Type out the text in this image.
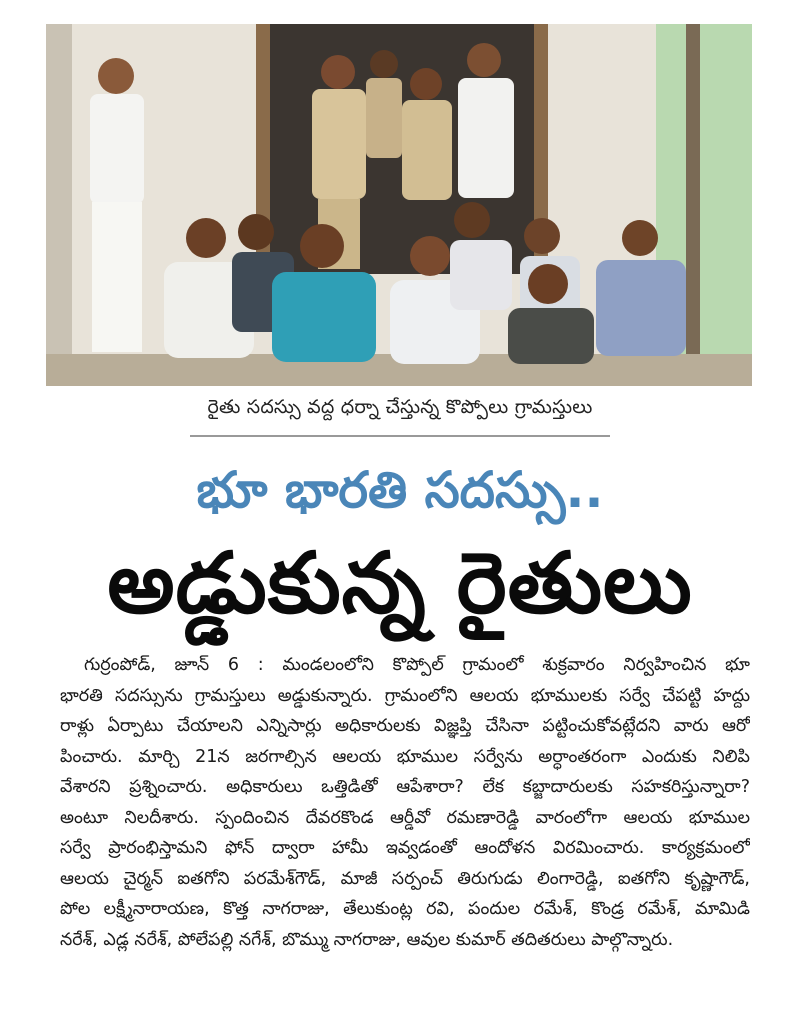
రైతు సదస్సు వద్ద ధర్నా చేస్తున్న కొప్పోలు గ్రామస్తులు
భూ భారతి సదస్సు..
అడ్డుకున్న రైతులు
గుర్రంపోడ్, జూన్ 6 : మండలంలోని కొప్పోల్ గ్రామంలో శుక్రవారం నిర్వహించిన భూ
భారతి సదస్సును గ్రామస్తులు అడ్డుకున్నారు. గ్రామంలోని ఆలయ భూములకు సర్వే చేపట్టి హద్దు
రాళ్లు ఏర్పాటు చేయాలని ఎన్నిసార్లు అధికారులకు విజ్ఞప్తి చేసినా పట్టించుకోవట్లేదని వారు ఆరో
పించారు. మార్చి 21న జరగాల్సిన ఆలయ భూముల సర్వేను అర్ధాంతరంగా ఎందుకు నిలిపి
వేశారని ప్రశ్నించారు. అధికారులు ఒత్తిడితో ఆపేశారా? లేక కబ్జాదారులకు సహకరిస్తున్నారా?
అంటూ నిలదీశారు. స్పందించిన దేవరకొండ ఆర్డీవో రమణారెడ్డి వారంలోగా ఆలయ భూముల
సర్వే ప్రారంభిస్తామని ఫోన్ ద్వారా హామీ ఇవ్వడంతో ఆందోళన విరమించారు. కార్యక్రమంలో
ఆలయ చైర్మన్ ఐతగోని పరమేశ్‌గౌడ్, మాజీ సర్పంచ్ తిరుగుడు లింగారెడ్డి, ఐతగోని కృష్ణాగౌడ్,
పోల లక్ష్మీనారాయణ, కొత్త నాగరాజు, తేలుకుంట్ల రవి, పందుల రమేశ్, కొండ్ర రమేశ్, మామిడి
నరేశ్, ఎడ్ల నరేశ్, పోలేపల్లి నగేశ్, బొమ్ము నాగరాజు, ఆవుల కుమార్ తదితరులు పాల్గొన్నారు.
